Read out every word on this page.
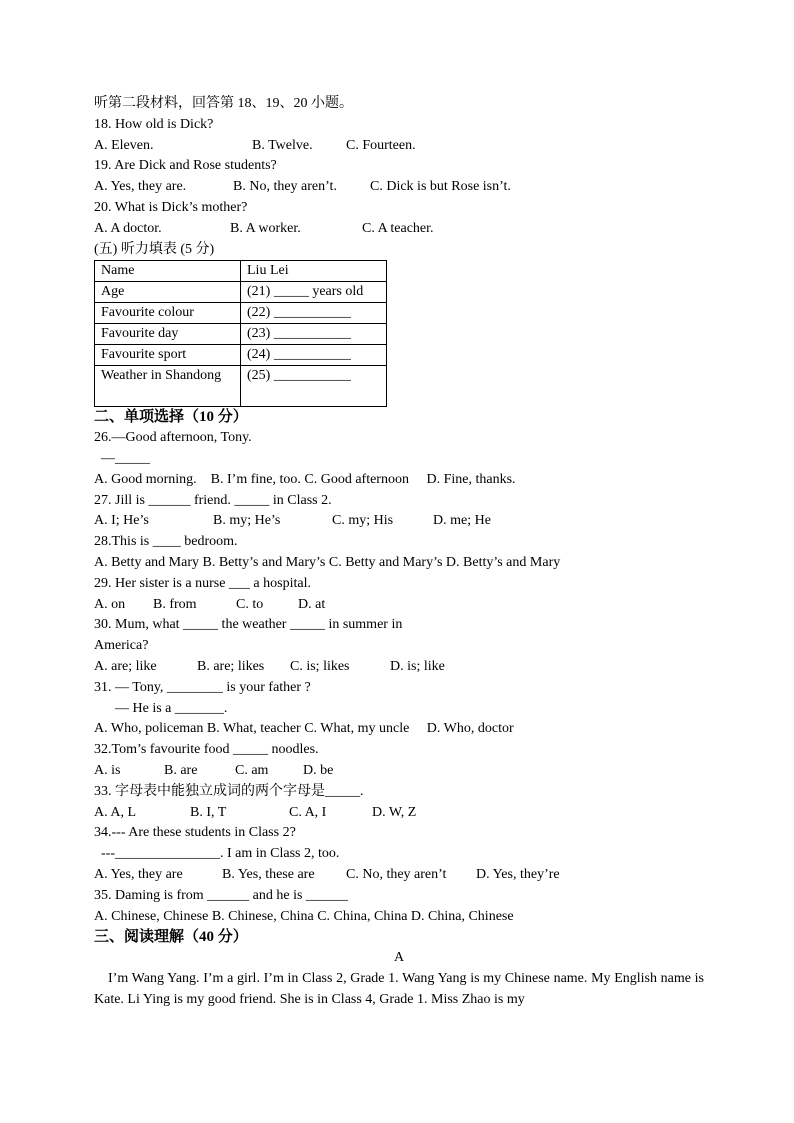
听第二段材料，回答第 18、19、20 小题。
18. How old is Dick?

A. Eleven.

	B. Twelve.

C. Fourteen.

19. Are Dick and Rose students?

A. Yes, they are.

	B. No, they aren’t.

C. Dick is but Rose isn’t.

20. What is Dick’s mother?

A. A doctor.

	B. A worker.

	C. A teacher.

(五) 听力填表 (5 分)
Name	Liu Lei
Age	(21) _____ years old
Favourite colour	(22) ___________
Favourite day	(23) ___________
Favourite sport	(24) ___________
Weather in Shandong	(25) ___________
二、单项选择（10 分）
26.—Good afternoon, Tony.
—_____
A. Good morning.    B. I’m fine, too. C. Good afternoon     D. Fine, thanks.
27. Jill is ______ friend. _____ in Class 2.

A. I; He’s

	B. my; He’s

	C. my; His

	D. me; He

28.This is ____ bedroom.
A. Betty and Mary B. Betty’s and Mary’s C. Betty and Mary’s D. Betty’s and Mary
29. Her sister is a nurse ___ a hospital.

A. on

B. from

	C. to

D. at

30. Mum, what _____ the weather _____ in summer in
America?

A. are; like

	B. are; likes

C. is; likes

	D. is; like

31. — Tony, ________ is your father ?
— He is a _______.
A. Who, policeman B. What, teacher C. What, my uncle     D. Who, doctor
32.Tom’s favourite food _____ noodles.

A. is

	B. are

	C. am

D. be

33. 字母表中能独立成词的两个字母是_____.

A. A, L

	B. I, T

	C. A, I

	D. W, Z

34.--- Are these students in Class 2?
---_______________. I am in Class 2, too.

A. Yes, they are

	B. Yes, these are

C. No, they aren’t

D. Yes, they’re

35. Daming is from ______ and he is ______
A. Chinese, Chinese B. Chinese, China C. China, China D. China, Chinese
三、阅读理解（40 分）
A
I’m Wang Yang. I’m a girl. I’m in Class 2, Grade 1. Wang Yang is my Chinese name. My English name is Kate. Li Ying is my good friend. She is in Class 4, Grade 1. Miss Zhao is my
